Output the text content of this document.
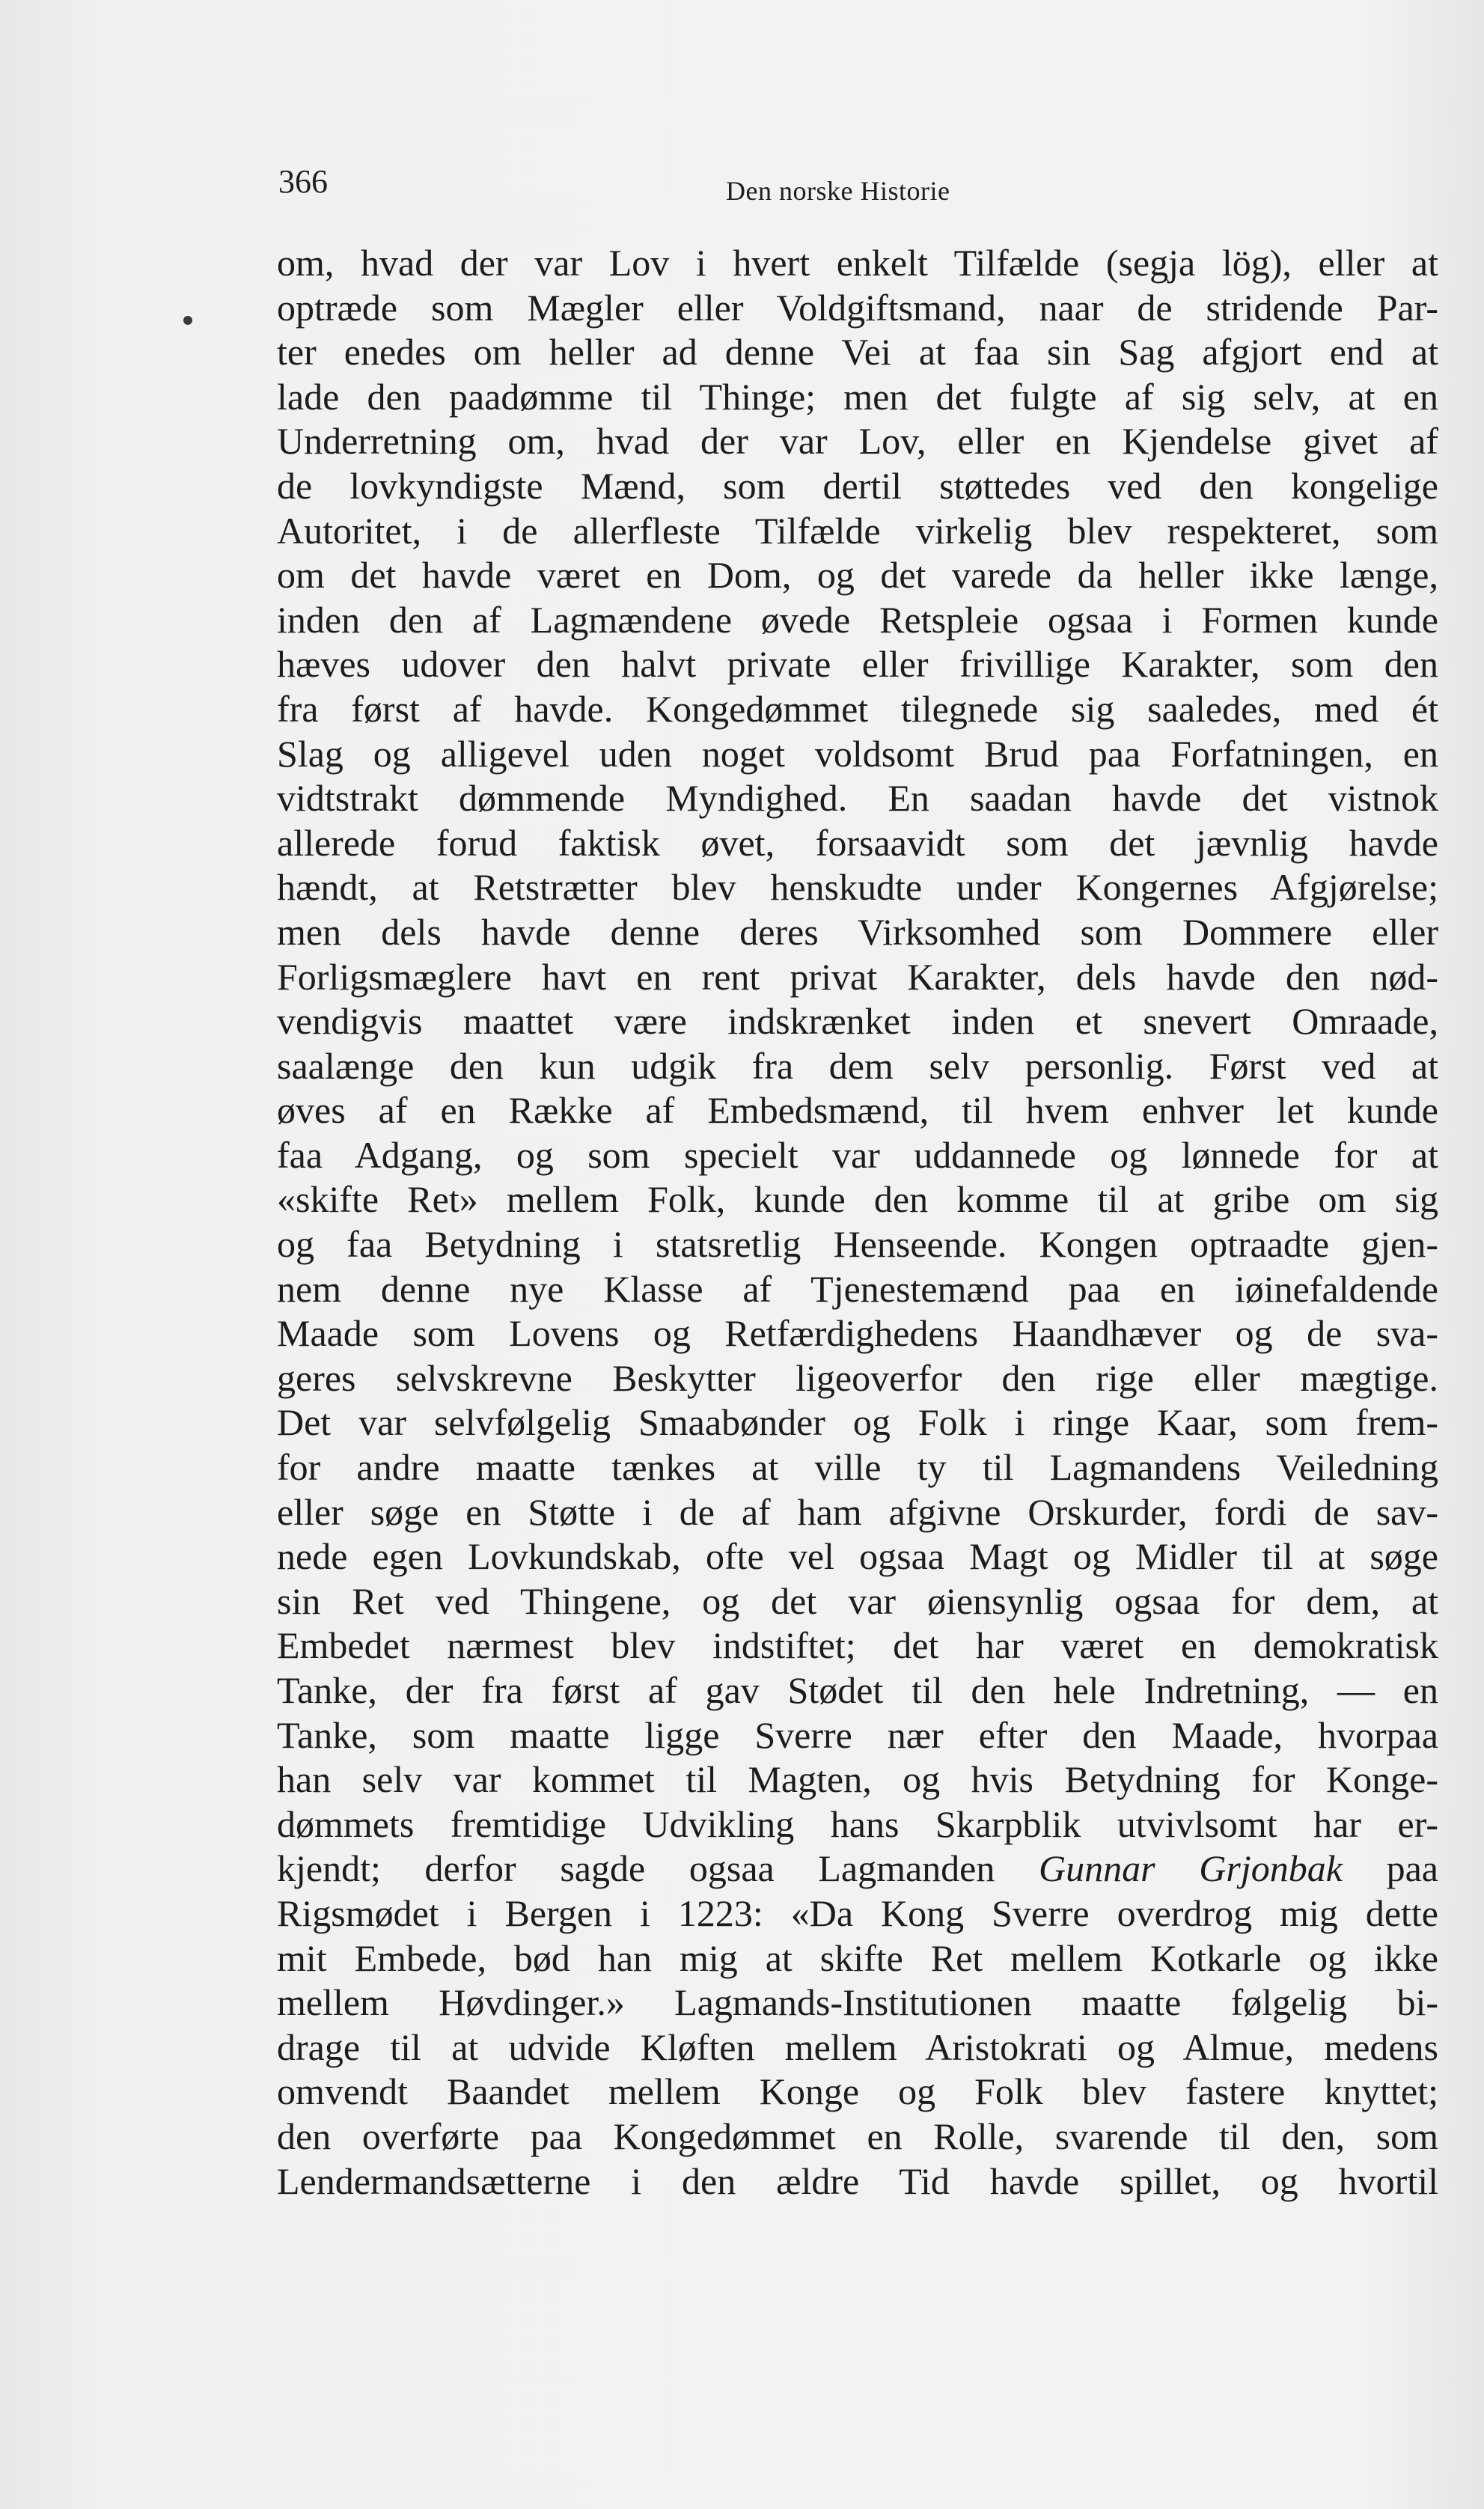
366	Den norske Historie
om, hvad der var Lov i hvert enkelt Tilfælde (segja lög), eller at
optræde som Mægler eller Voldgiftsmand, naar de stridende Par-
ter enedes om heller ad denne Vei at faa sin Sag afgjort end at
lade den paadømme til Thinge; men det fulgte af sig selv, at en
Underretning om, hvad der var Lov, eller en Kjendelse givet af
de lovkyndigste Mænd, som dertil støttedes ved den kongelige
Autoritet, i de allerfleste Tilfælde virkelig blev respekteret, som
om det havde været en Dom, og det varede da heller ikke længe,
inden den af Lagmændene øvede Retspleie ogsaa i Formen kunde
hæves udover den halvt private eller frivillige Karakter, som den
fra først af havde. Kongedømmet tilegnede sig saaledes, med ét
Slag og alligevel uden noget voldsomt Brud paa Forfatningen, en
vidtstrakt dømmende Myndighed. En saadan havde det vistnok
allerede forud faktisk øvet, forsaavidt som det jævnlig havde
hændt, at Retstrætter blev henskudte under Kongernes Afgjørelse;
men dels havde denne deres Virksomhed som Dommere eller
Forligsmæglere havt en rent privat Karakter, dels havde den nød-
vendigvis maattet være indskrænket inden et snevert Omraade,
saalænge den kun udgik fra dem selv personlig. Først ved at
øves af en Række af Embedsmænd, til hvem enhver let kunde
faa Adgang, og som specielt var uddannede og lønnede for at
«skifte Ret» mellem Folk, kunde den komme til at gribe om sig
og faa Betydning i statsretlig Henseende. Kongen optraadte gjen-
nem denne nye Klasse af Tjenestemænd paa en iøinefaldende
Maade som Lovens og Retfærdighedens Haandhæver og de sva-
geres selvskrevne Beskytter ligeoverfor den rige eller mægtige.
Det var selvfølgelig Smaabønder og Folk i ringe Kaar, som frem-
for andre maatte tænkes at ville ty til Lagmandens Veiledning
eller søge en Støtte i de af ham afgivne Orskurder, fordi de sav-
nede egen Lovkundskab, ofte vel ogsaa Magt og Midler til at søge
sin Ret ved Thingene, og det var øiensynlig ogsaa for dem, at
Embedet nærmest blev indstiftet; det har været en demokratisk
Tanke, der fra først af gav Stødet til den hele Indretning, — en
Tanke, som maatte ligge Sverre nær efter den Maade, hvorpaa
han selv var kommet til Magten, og hvis Betydning for Konge-
dømmets fremtidige Udvikling hans Skarpblik utvivlsomt har er-
kjendt; derfor sagde ogsaa Lagmanden Gunnar Grjonbak paa
Rigsmødet i Bergen i 1223: «Da Kong Sverre overdrog mig dette
mit Embede, bød han mig at skifte Ret mellem Kotkarle og ikke
mellem Høvdinger.» Lagmands-Institutionen maatte følgelig bi-
drage til at udvide Kløften mellem Aristokrati og Almue, medens
omvendt Baandet mellem Konge og Folk blev fastere knyttet;
den overførte paa Kongedømmet en Rolle, svarende til den, som
Lendermandsætterne i den ældre Tid havde spillet, og hvortil
